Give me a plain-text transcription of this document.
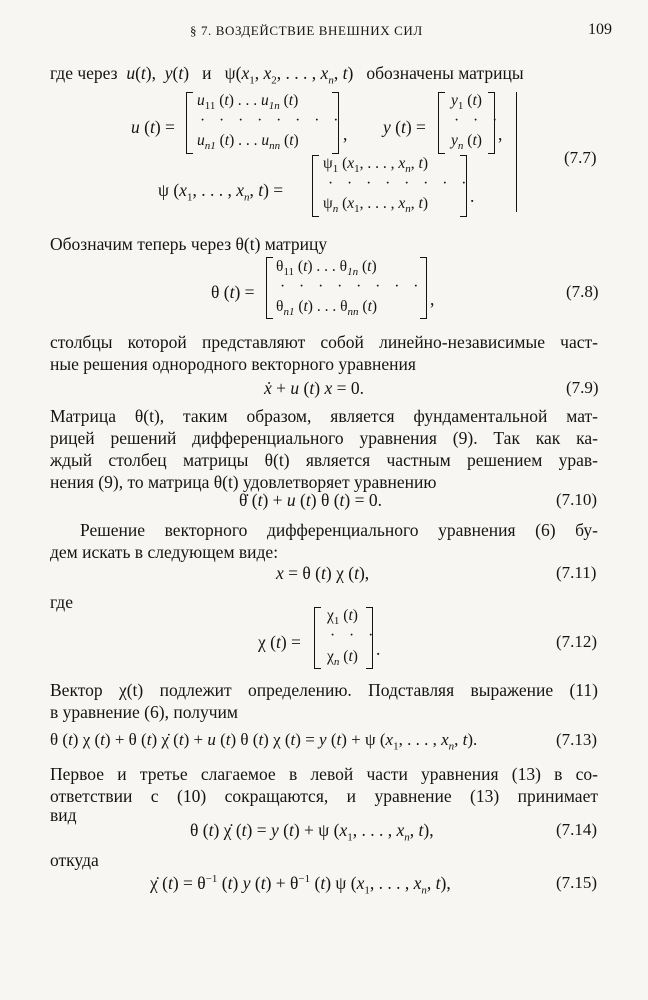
§ 7. ВОЗДЕЙСТВИЕ ВНЕШНИХ СИЛ	109
где через u(t),  y(t)   и $\psi(x_1$, $x_2$, . . . , $x_n$, t)   обозначены матрицы
u (t) =
$u_{11}$ (t) . . . $u_{1n}$ (t)
· · · · · · · ·
$u_{n1}$ (t) . . . $u_{nn}$ (t)	, y (t) =
$y_1$ (t)
· · ·
$y_n$ (t) ,
ψ ($x_1$, . . . , $x_n$, t) =
$\psi_1$ ($x_1$, . . . , $x_n$, t)
· · · · · · · ·
$\psi_n$ ($x_1$, . . . , $x_n$, t) .
(7.7)
Обозначим теперь через θ(t) матрицу
θ (t) =
$\theta_{11}$ (t) . . . $\theta_{1n}$ (t)
· · · · · · · ·
$\theta_{n1}$ (t) . . . $\theta_{nn}$ (t)	,	(7.8)
столбцы которой представляют собой линейно-независимые част-
ные решения однородного векторного уравнения
ẋ + u (t) x = 0.	(7.9)
Матрица θ(t), таким образом, является фундаментальной мат-
рицей решений дифференциального уравнения (9). Так как ка-
ждый столбец матрицы θ(t) является частным решением урав-
нения (9), то матрица θ(t) удовлетворяет уравнению
θ̇ (t) + u (t) θ (t) = 0.	(7.10)
Решение векторного дифференциального уравнения (6) бу-
дем искать в следующем виде:
x = θ (t) χ (t),	(7.11)
где
χ (t) =
$\chi_1$ (t)
· · ·
$\chi_n$ (t) .	(7.12)
Вектор χ(t) подлежит определению. Подставляя выражение (11)
в уравнение (6), получим
θ (t) χ (t) + θ (t) χ̇ (t) + u (t) θ (t) χ (t) = y (t) + ψ ($x_1$, . . . , $x_n$, t).	(7.13)
Первое и третье слагаемое в левой части уравнения (13) в со-
ответствии с (10) сокращаются, и уравнение (13) принимает
вид
θ (t) χ̇ (t) = y (t) + ψ ($x_1$, . . . , $x_n$, t),	(7.14)
откуда
χ̇ $(t) = \theta^{-1}$ (t) y $(t) + \theta^{-1}$ (t) ψ ($x_1$, . . . , $x_n$, t),	(7.15)
